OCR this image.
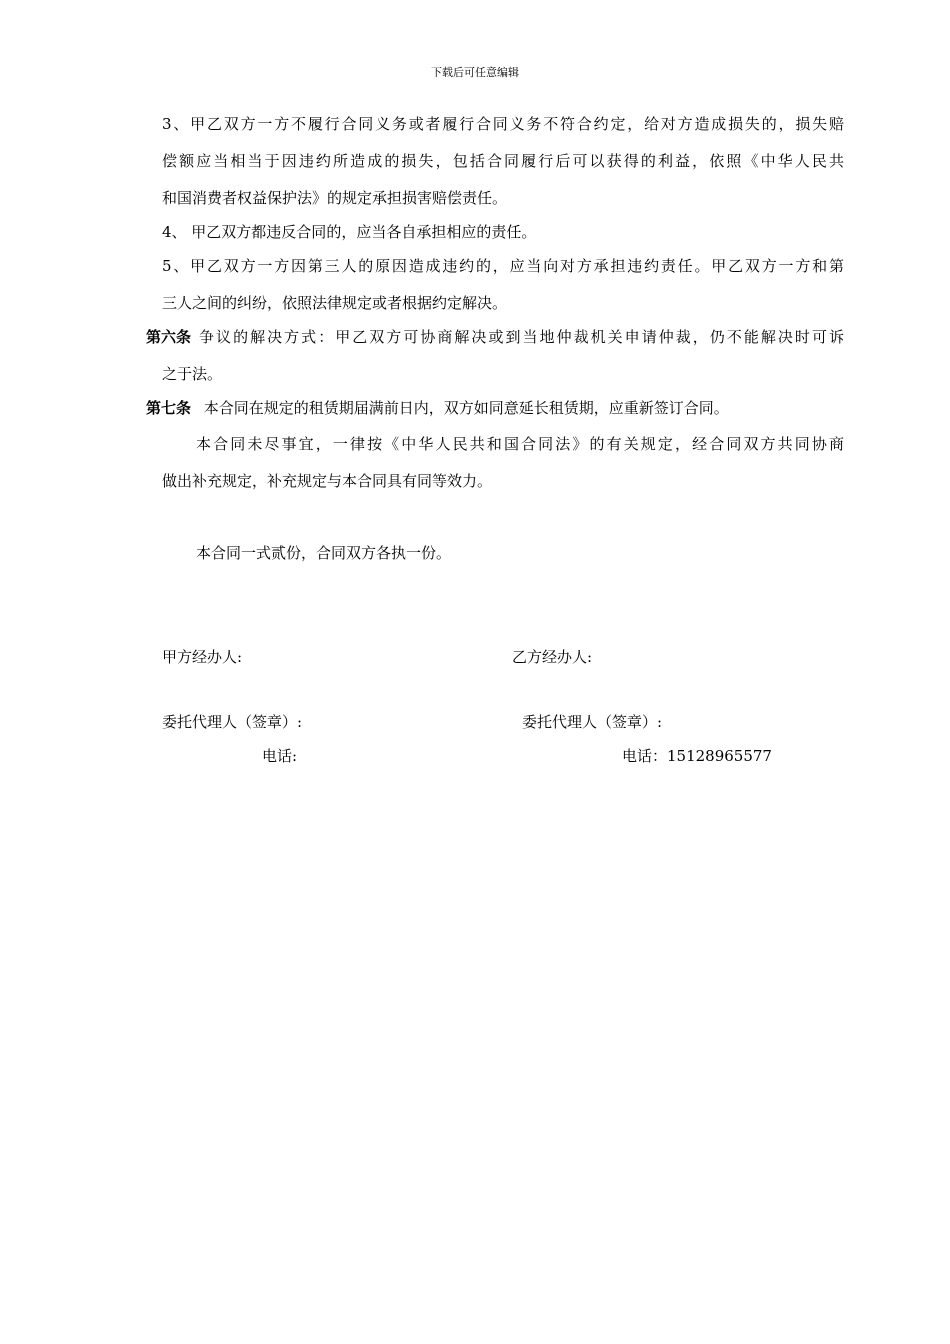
下载后可任意编辑
3、甲乙双方一方不履行合同义务或者履行合同义务不符合约定，给对方造成损失的，损失赔
偿额应当相当于因违约所造成的损失，包括合同履行后可以获得的利益，依照《中华人民共
和国消费者权益保护法》的规定承担损害赔偿责任。
4、 甲乙双方都违反合同的，应当各自承担相应的责任。
5、甲乙双方一方因第三人的原因造成违约的，应当向对方承担违约责任。甲乙双方一方和第
三人之间的纠纷，依照法律规定或者根据约定解决。
第六条 争议的解决方式：甲乙双方可协商解决或到当地仲裁机关申请仲裁，仍不能解决时可诉
之于法。
第七条 本合同在规定的租赁期届满前日内，双方如同意延长租赁期，应重新签订合同。
本合同未尽事宜，一律按《中华人民共和国合同法》的有关规定，经合同双方共同协商
做出补充规定，补充规定与本合同具有同等效力。
本合同一式贰份，合同双方各执一份。
甲方经办人:	乙方经办人:
委托代理人（签章）:	委托代理人（签章）:
电话:	电话：15128965577
